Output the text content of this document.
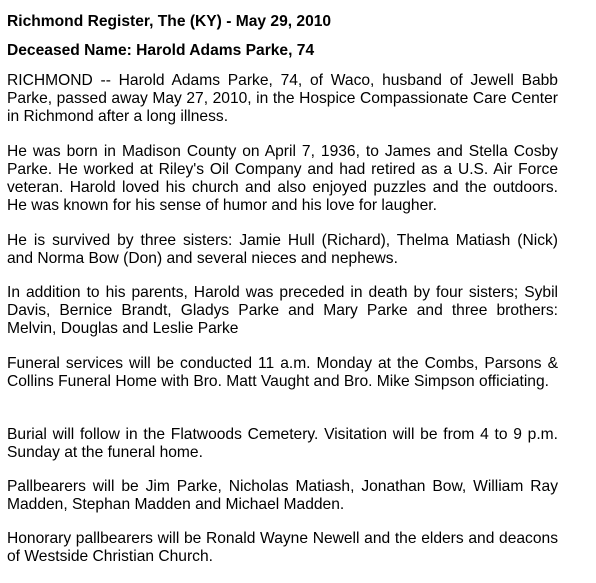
Richmond Register, The (KY) - May 29, 2010

Deceased Name: Harold Adams Parke, 74

RICHMOND -- Harold Adams Parke, 74, of Waco, husband of Jewell Babb Parke, passed away May 27, 2010, in the Hospice Compassionate Care Center in Richmond after a long illness.

He was born in Madison County on April 7, 1936, to James and Stella Cosby Parke. He worked at Riley's Oil Company and had retired as a U.S. Air Force veteran. Harold loved his church and also enjoyed puzzles and the outdoors. He was known for his sense of humor and his love for laugher.

He is survived by three sisters: Jamie Hull (Richard), Thelma Matiash (Nick) and Norma Bow (Don) and several nieces and nephews.

In addition to his parents, Harold was preceded in death by four sisters; Sybil Davis, Bernice Brandt, Gladys Parke and Mary Parke and three brothers: Melvin, Douglas and Leslie Parke

Funeral services will be conducted 11 a.m. Monday at the Combs, Parsons & Collins Funeral Home with Bro. Matt Vaught and Bro. Mike Simpson officiating.

Burial will follow in the Flatwoods Cemetery. Visitation will be from 4 to 9 p.m. Sunday at the funeral home.

Pallbearers will be Jim Parke, Nicholas Matiash, Jonathan Bow, William Ray Madden, Stephan Madden and Michael Madden.

Honorary pallbearers will be Ronald Wayne Newell and the elders and deacons of Westside Christian Church.
